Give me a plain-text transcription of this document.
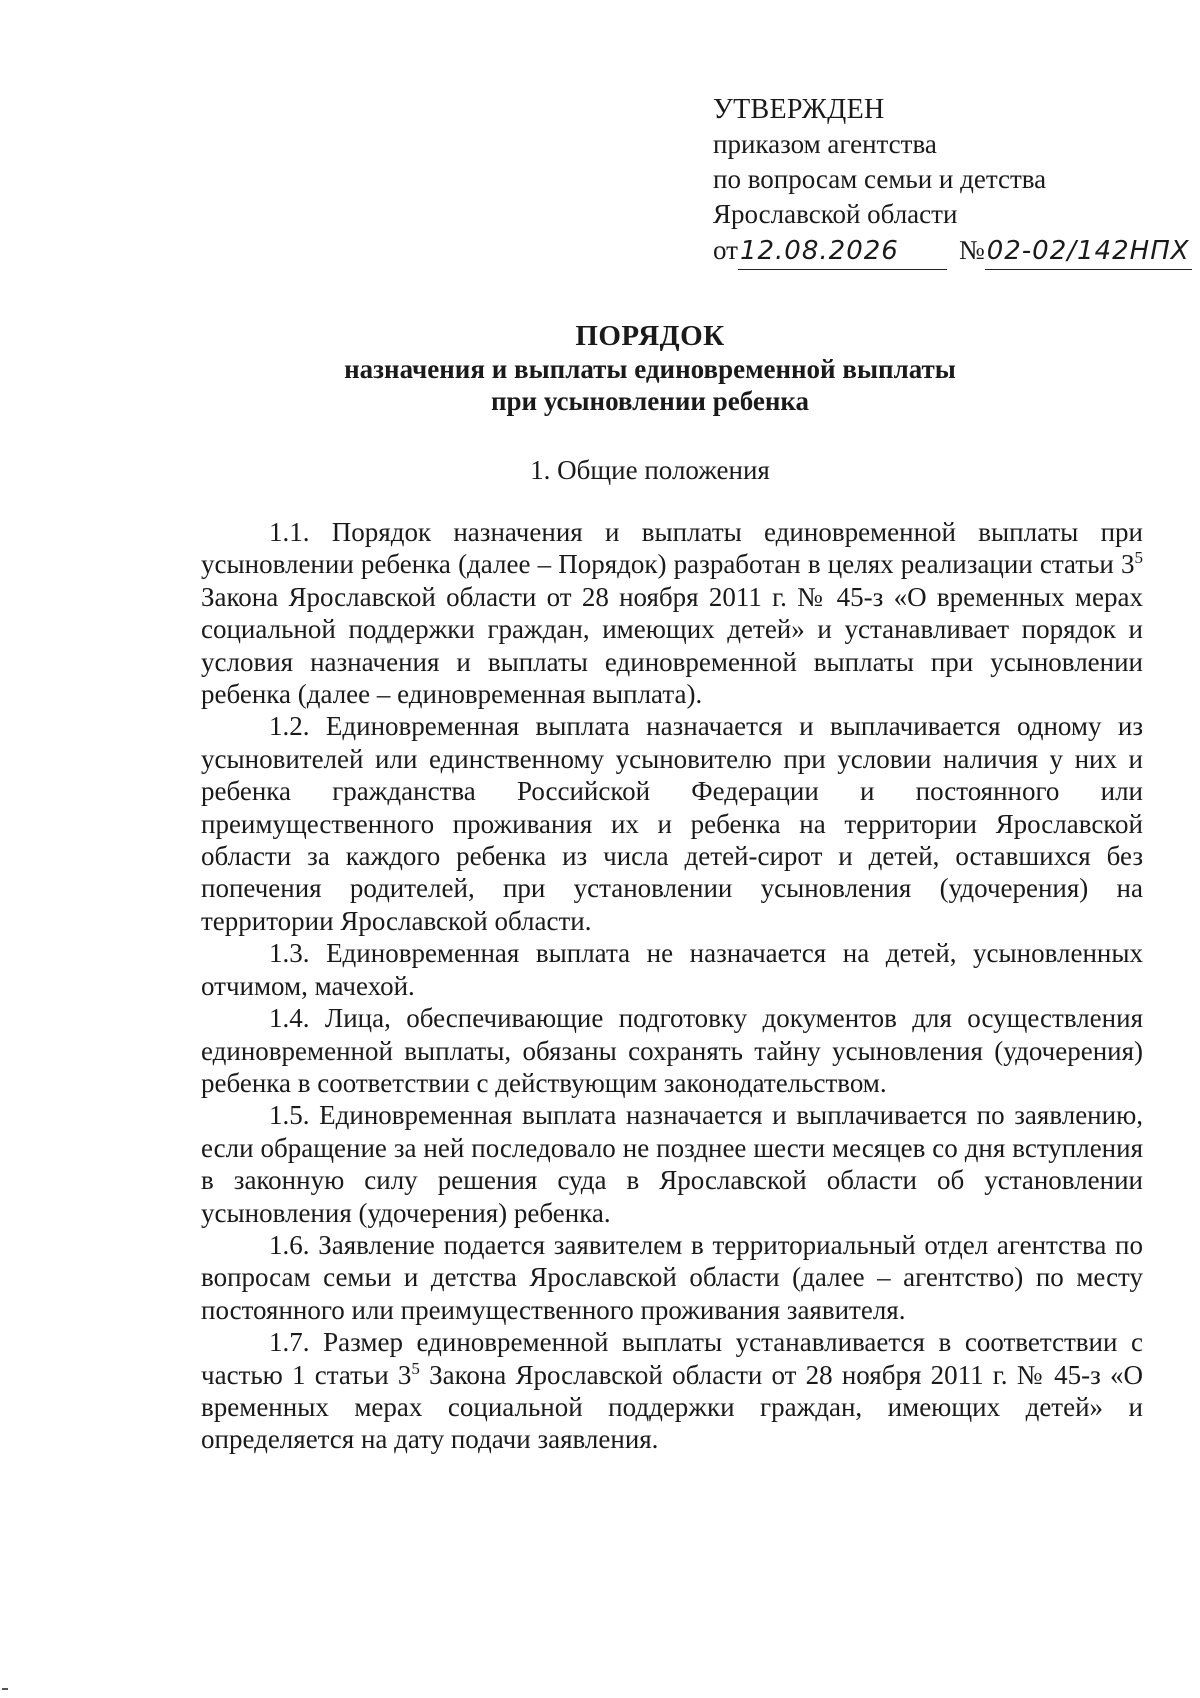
УТВЕРЖДЕН
приказом агентства
по вопросам семьи и детства
Ярославской области
от12.08.2026 №02-02/142НПХ
ПОРЯДОК
назначения и выплаты единовременной выплаты
при усыновлении ребенка
1. Общие положения

1.1. Порядок назначения и выплаты единовременной выплаты при усыновлении ребенка (далее – Порядок) разработан в целях реализации статьи $3^5$ Закона Ярославской области от 28 ноября 2011 г. № 45-з «О временных мерах социальной поддержки граждан, имеющих детей» и устанавливает порядок и условия назначения и выплаты единовременной выплаты при усыновлении ребенка (далее – единовременная выплата).

1.2. Единовременная выплата назначается и выплачивается одному из усыновителей или единственному усыновителю при условии наличия у них и ребенка гражданства Российской Федерации и постоянного или преимущественного проживания их и ребенка на территории Ярославской области за каждого ребенка из числа детей-сирот и детей, оставшихся без попечения родителей, при установлении усыновления (удочерения) на территории Ярославской области.

1.3. Единовременная выплата не назначается на детей, усыновленных отчимом, мачехой.

1.4. Лица, обеспечивающие подготовку документов для осуществления единовременной выплаты, обязаны сохранять тайну усыновления (удочерения) ребенка в соответствии с действующим законодательством.

1.5. Единовременная выплата назначается и выплачивается по заявлению, если обращение за ней последовало не позднее шести месяцев со дня вступления в законную силу решения суда в Ярославской области об установлении усыновления (удочерения) ребенка.

1.6. Заявление подается заявителем в территориальный отдел агентства по вопросам семьи и детства Ярославской области (далее – агентство) по месту постоянного или преимущественного проживания заявителя.

1.7. Размер единовременной выплаты устанавливается в соответствии с частью 1 статьи $3^5$ Закона Ярославской области от 28 ноября 2011 г. № 45-з «О временных мерах социальной поддержки граждан, имеющих детей» и определяется на дату подачи заявления.
